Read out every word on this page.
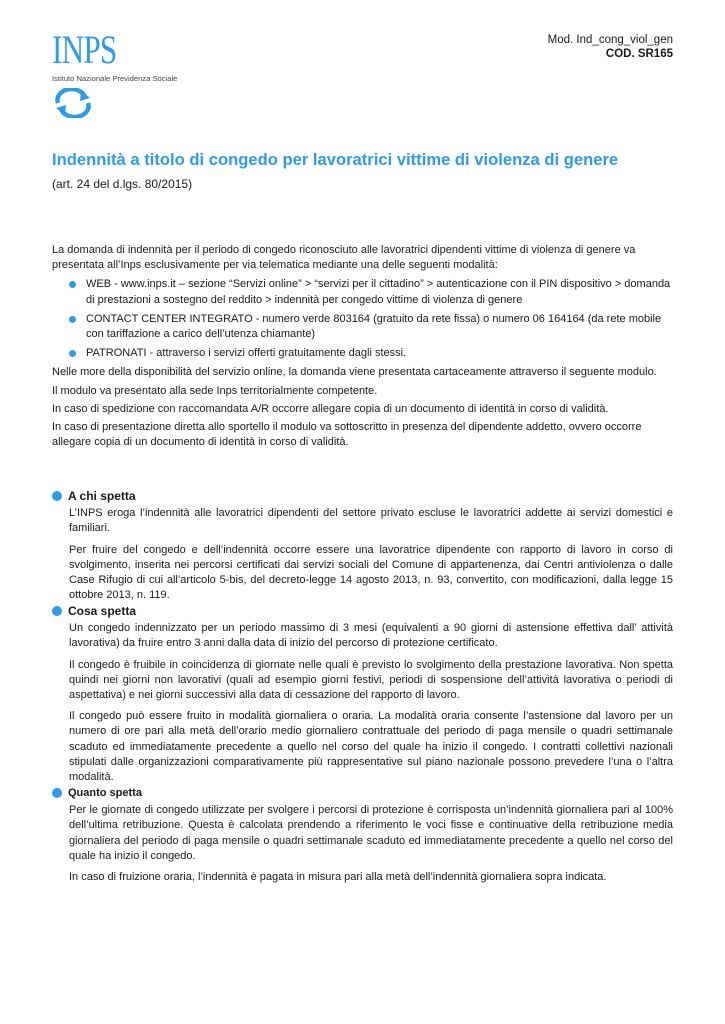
INPS
Istituto Nazionale Previdenza Sociale
Mod. Ind_cong_viol_gen
COD. SR165
Indennità a titolo di congedo per lavoratrici vittime di violenza di genere

(art. 24 del d.lgs. 80/2015)

La domanda di indennità per il periodo di congedo riconosciuto alle lavoratrici dipendenti vittime di violenza di genere va presentata all’Inps esclusivamente per via telematica mediante una delle seguenti modalità:

WEB - www.inps.it – sezione “Servizi online” > “servizi per il cittadino” > autenticazione con il PIN dispositivo > domanda di prestazioni a sostegno del reddito > indennità per congedo vittime di violenza di genere
CONTACT CENTER INTEGRATO - numero verde 803164 (gratuito da rete fissa) o numero 06 164164 (da rete mobile con tariffazione a carico dell’utenza chiamante)
PATRONATI - attraverso i servizi offerti gratuitamente dagli stessi.

Nelle more della disponibilità del servizio online, la domanda viene presentata cartaceamente attraverso il seguente modulo.

Il modulo va presentato alla sede Inps territorialmente competente.

In caso di spedizione con raccomandata A/R occorre allegare copia di un documento di identità in corso di validità.

In caso di presentazione diretta allo sportello il modulo va sottoscritto in presenza del dipendente addetto, ovvero occorre allegare copia di un documento di identità in corso di validità.

A chi spetta

L’INPS eroga l’indennità alle lavoratrici dipendenti del settore privato escluse le lavoratrici addette ai servizi domestici e familiari.

Per fruire del congedo e dell’indennità occorre essere una lavoratrice dipendente con rapporto di lavoro in corso di svolgimento, inserita nei percorsi certificati dai servizi sociali del Comune di appartenenza, dai Centri antiviolenza o dalle Case Rifugio di cui all’articolo 5-bis, del decreto-legge 14 agosto 2013, n. 93, convertito, con modificazioni, dalla legge 15 ottobre 2013, n. 119.

Cosa spetta

Un congedo indennizzato per un periodo massimo di 3 mesi (equivalenti a 90 giorni di astensione effettiva dall’ attività lavorativa) da fruire entro 3 anni dalla data di inizio del percorso di protezione certificato.

Il congedo è fruibile in coincidenza di giornate nelle quali è previsto lo svolgimento della prestazione lavorativa. Non spetta quindi nei giorni non lavorativi (quali ad esempio giorni festivi, periodi di sospensione dell’attività lavorativa o periodi di aspettativa) e nei giorni successivi alla data di cessazione del rapporto di lavoro.

Il congedo può essere fruito in modalità giornaliera o oraria. La modalità oraria consente l’astensione dal lavoro per un numero di ore pari alla metà dell’orario medio giornaliero contrattuale del periodo di paga mensile o quadri settimanale scaduto ed immediatamente precedente a quello nel corso del quale ha inizio il congedo. I contratti collettivi nazionali stipulati dalle organizzazioni comparativamente più rappresentative sul piano nazionale possono prevedere l’una o l’altra modalità.

Quanto spetta

Per le giornate di congedo utilizzate per svolgere i percorsi di protezione è corrisposta un’indennità giornaliera pari al 100% dell’ultima retribuzione. Questa è calcolata prendendo a riferimento le voci fisse e continuative della retribuzione media giornaliera del periodo di paga mensile o quadri settimanale scaduto ed immediatamente precedente a quello nel corso del quale ha inizio il congedo.

In caso di fruizione oraria, l’indennità è pagata in misura pari alla metà dell’indennità giornaliera sopra indicata.
